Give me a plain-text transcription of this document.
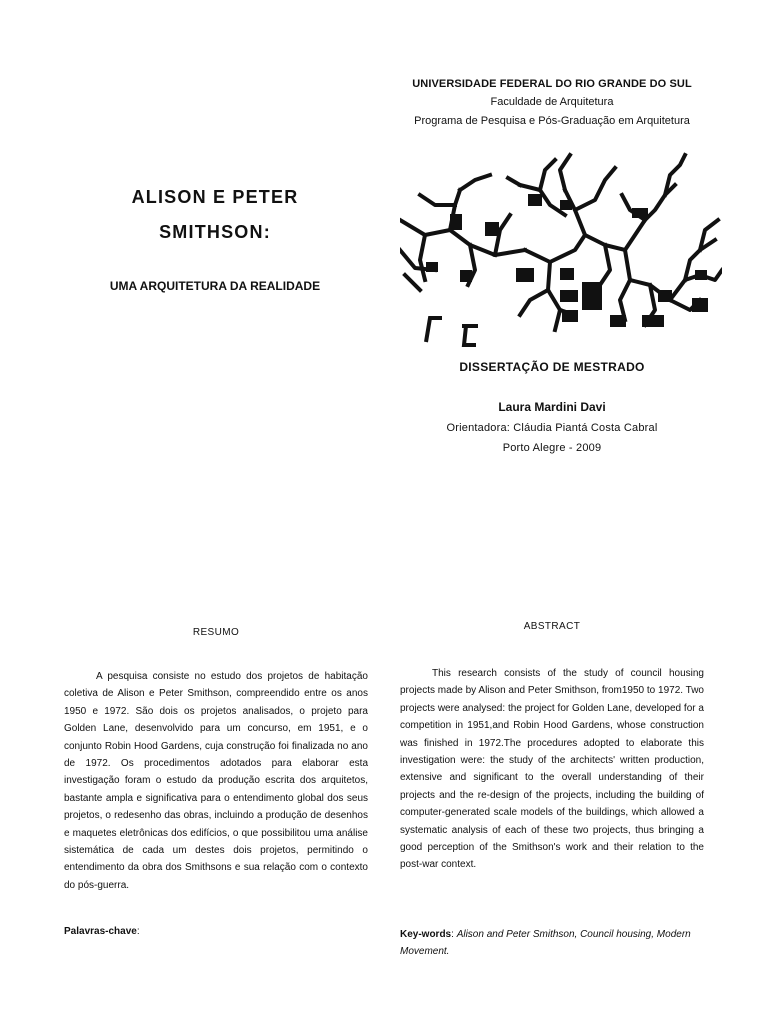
UNIVERSIDADE FEDERAL DO RIO GRANDE DO SUL
Faculdade de Arquitetura
Programa de Pesquisa e Pós-Graduação em Arquitetura
ALISON E PETER
SMITHSON:
UMA ARQUITETURA DA REALIDADE
DISSERTAÇÃO DE MESTRADO
Laura Mardini Davi
Orientadora: Cláudia Piantá Costa Cabral
Porto Alegre - 2009
RESUMO
A pesquisa consiste no estudo dos projetos de habitação coletiva de Alison e Peter Smithson, compreendido entre os anos 1950 e 1972. São dois os projetos analisados, o projeto para Golden Lane, desenvolvido para um concurso, em 1951, e o conjunto Robin Hood Gardens, cuja construção foi finalizada no ano de 1972. Os procedimentos adotados para elaborar esta investigação foram o estudo da produção escrita dos arquitetos, bastante ampla e significativa para o entendimento global dos seus projetos, o redesenho das obras, incluindo a produção de desenhos e maquetes eletrônicas dos edifícios, o que possibilitou uma análise sistemática de cada um destes dois projetos, permitindo o entendimento da obra dos Smithsons e sua relação com o contexto do pós-guerra.
ABSTRACT
This research consists of the study of council housing projects made by Alison and Peter Smithson, from1950 to 1972. Two projects were analysed: the project for Golden Lane, developed for a competition in 1951,and Robin Hood Gardens, whose construction was finished in 1972.The procedures adopted to elaborate this investigation were: the study of the architects' written production, extensive and significant to the overall understanding of their projects and the re-design of the projects, including the building of computer-generated scale models of the buildings, which allowed a systematic analysis of each of these two projects, thus bringing a good perception of the Smithson's work and their relation to the post-war context.
Palavras-chave:	Key-words: Alison and Peter Smithson, Council housing, Modern Movement.
